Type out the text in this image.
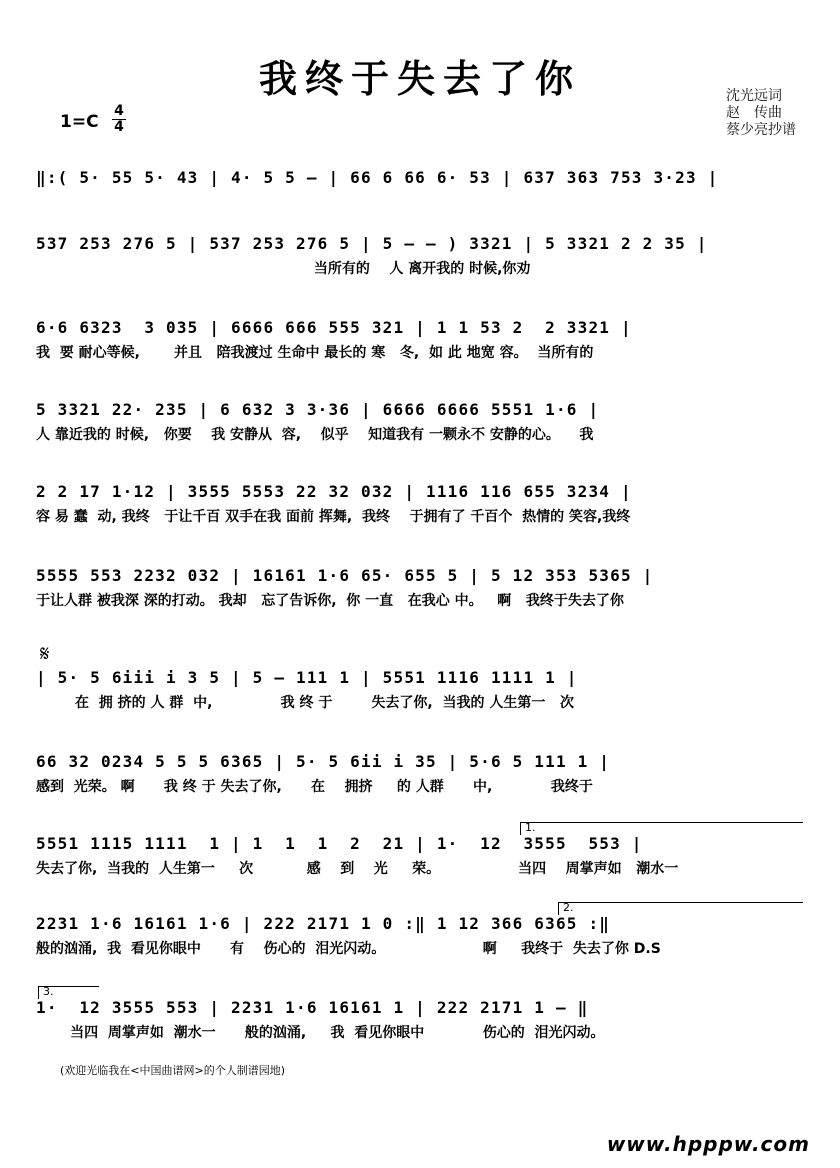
我终于失去了你
1=C
4
4
沈光远词
赵　传曲
蔡少亮抄谱
𝄋
‖:( 5· 55 5· 43 | 4· 5 5 — | 66 6 66 6· 53 | 637 363 753 3·23 |
537 253 276 5 | 537 253 276 5 | 5 — — ) 3321 | 5 3321 2 2 35 |
当所有的    人 离开我的 时候,你劝
6·6 6323  3 035 | 6666 666 555 321 | 1 1 53 2  2 3321 |
我  要 耐心等候,       并且   陪我渡过 生命中 最长的 寒   冬,  如 此 地宽 容。  当所有的
5 3321 22· 235 | 6 632 3 3·36 | 6666 6666 5551 1·6 |
人 靠近我的 时候,   你要    我 安静从  容,    似乎    知道我有 一颗永不 安静的心。    我
2 2 17 1·12 | 3555 5553 22 32 032 | 1116 116 655 3234 |
容 易 蠢  动, 我终   于让千百 双手在我 面前 挥舞,  我终    于拥有了 千百个  热情的 笑容,我终
5555 553 2232 032 | 16161 1·6 65· 655 5 | 5 12 353 5365 |
于让人群 被我深 深的打动。 我却   忘了告诉你,  你 一直   在我心 中。   啊   我终于失去了你
| 5· 5 6iii i 3 5 | 5 — 111 1 | 5551 1116 1111 1 |
在  拥 挤的 人 群  中,              我 终 于        失去了你,  当我的 人生第一   次
66 32 0234 5 5 5 6365 | 5· 5 6ii i 35 | 5·6 5 111 1 |
感到  光荣。 啊      我 终 于 失去了你,      在    拥挤     的 人群      中,            我终于
1.
5551 1115 1111  1 | 1  1  1  2  21 | 1·  12  3555  553 |
失去了你,  当我的  人生第一     次           感    到    光     荣。                当四    周掌声如   潮水一
2.
2231 1·6 16161 1·6 | 222 2171 1 0 :‖ 1 12 366 6365 :‖
般的汹涌,  我  看见你眼中      有    伤心的  泪光闪动。                    啊     我终于  失去了你 D.S
3.
1·  12 3555 553 | 2231 1·6 16161 1 | 222 2171 1 — ‖
当四  周掌声如  潮水一      般的汹涌,     我  看见你眼中            伤心的  泪光闪动。
(欢迎光临我在<中国曲谱网>的个人制谱园地)
www.hpppw.com
